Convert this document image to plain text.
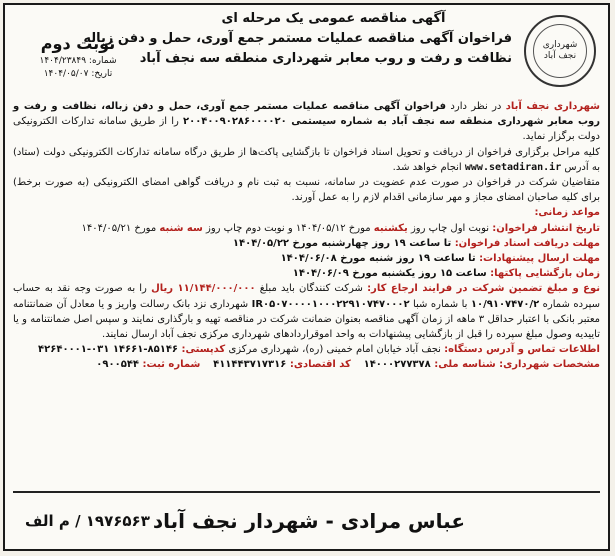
شهرداری نجف آباد
آگهی مناقصه عمومی یک مرحله ای
فراخوان آگهی مناقصه عملیات مستمر جمع آوری، حمل و دفن زباله
نظافت و رفت و روب معابر شهرداری منطقه سه نجف آباد
نوبت دوم
شماره: ۱۴۰۴/۲۳۸۴۹
تاریخ: ۱۴۰۴/۰۵/۰۷

شهرداری نجف آباد در نظر دارد فراخوان آگهی مناقصه عملیات مستمر جمع آوری، حمل و دفن زباله، نظافت و رفت و روب معابر شهرداری منطقه سه نجف آباد به شماره سیستمی ۲۰۰۴۰۰۹۰۲۸۶۰۰۰۰۲۰ را از طریق سامانه تدارکات الکترونیکی دولت برگزار نماید.

کلیه مراحل برگزاری فراخوان از دریافت و تحویل اسناد فراخوان تا بازگشایی پاکت‌ها از طریق درگاه سامانه تدارکات الکترونیکی دولت (ستاد) به آدرس www.setadiran.ir انجام خواهد شد.

متقاضیان شرکت در فراخوان در صورت عدم عضویت در سامانه، نسبت به ثبت نام و دریافت گواهی امضای الکترونیکی (به صورت برخط) برای کلیه صاحبان امضای مجاز و مهر سازمانی اقدام لازم را به عمل آورند.

مواعد زمانی:

تاریخ انتشار فراخوان: نوبت اول چاپ روز یکشنبه مورخ ۱۴۰۴/۰۵/۱۲ و نوبت دوم چاپ روز سه شنبه مورخ ۱۴۰۴/۰۵/۲۱

مهلت دریافت اسناد فراخوان: تا ساعت ۱۹ روز چهارشنبه مورخ ۱۴۰۴/۰۵/۲۲

مهلت ارسال پیشنهادات: تا ساعت ۱۹ روز شنبه مورخ ۱۴۰۴/۰۶/۰۸

زمان بازگشایی پاکتها: ساعت ۱۵ روز یکشنبه مورخ ۱۴۰۴/۰۶/۰۹

نوع و مبلغ تضمین شرکت در فرایند ارجاع کار: شرکت کنندگان باید مبلغ ۱۱/۱۴۴/۰۰۰/۰۰۰ ریال را به صورت وجه نقد به حساب سپرده شماره ۱۰/۹۱۰۷۴۷۰/۲ با شماره شبا IR۰۵۰۷۰۰۰۰۱۰۰۰۲۲۹۱۰۷۴۷۰۰۰۲ شهرداری نزد بانک رسالت واریز و یا معادل آن ضمانتنامه معتبر بانکی با اعتبار حداقل ۳ ماهه از زمان آگهی مناقصه بعنوان ضمانت شرکت در مناقصه تهیه و بارگذاری نمایند و سپس اصل ضمانتنامه و یا تاییدیه وصول مبلغ سپرده را قبل از بازگشایی پیشنهادات به واحد اموقراردادهای شهرداری مرکزی نجف آباد ارسال نمایند.

اطلاعات تماس و آدرس دستگاه: نجف آباد خیابان امام خمینی (ره)، شهرداری مرکزی کدپستی: ۸۵۱۴۶-۱۴۶۶۱ ۰۳۱-۴۲۶۴۰۰۰۱

مشخصات شهرداری: شناسه ملی: ۱۴۰۰۰۲۷۷۳۷۸    کد اقتصادی: ۴۱۱۴۴۳۷۱۷۳۱۶    شماره ثبت: ۰۹۰۰۵۴۴

عباس مرادی - شهردار نجف آباد
۱۹۷۶۵۶۳ / م الف
